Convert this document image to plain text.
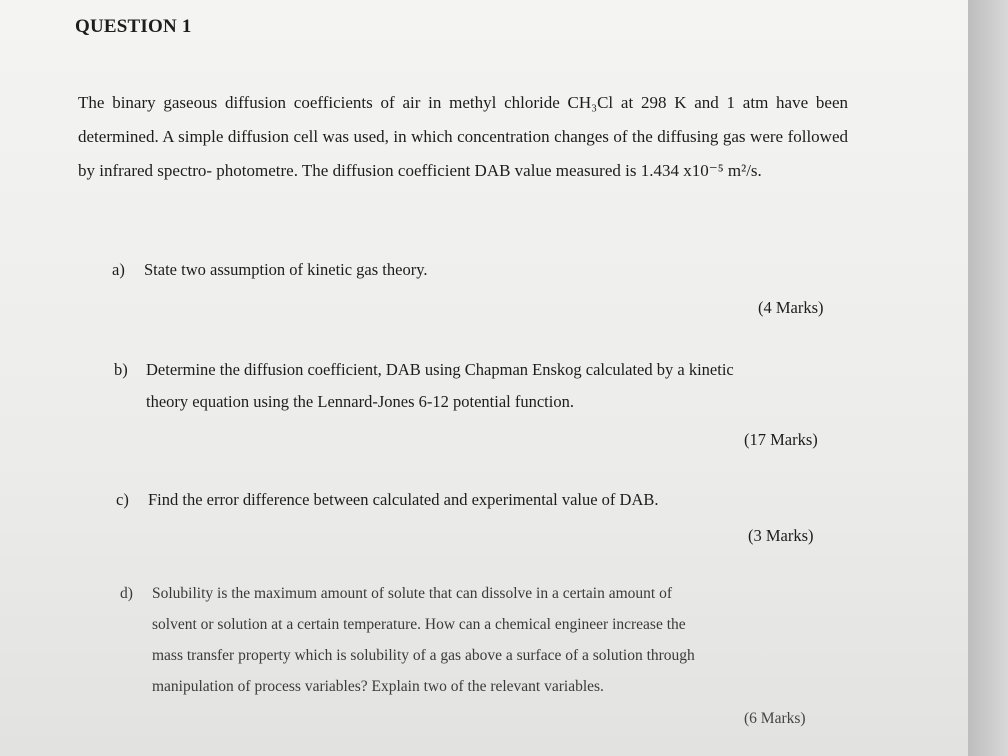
QUESTION 1

The binary gaseous diffusion coefficients of air in methyl chloride CH₃Cl at 298 K and 1 atm have been determined. A simple diffusion cell was used, in which concentration changes of the diffusing gas were followed by infrared spectro- photometre. The diffusion coefficient DAB value measured is 1.434 x10⁻⁵ m²/s.

a) State two assumption of kinetic gas theory.

(4 Marks)

b) Determine the diffusion coefficient, DAB using Chapman Enskog calculated by a kinetic
theory equation using the Lennard-Jones 6-12 potential function.

(17 Marks)

c) Find the error difference between calculated and experimental value of DAB.

(3 Marks)

d) Solubility is the maximum amount of solute that can dissolve in a certain amount of
solvent or solution at a certain temperature. How can a chemical engineer increase the
mass transfer property which is solubility of a gas above a surface of a solution through
manipulation of process variables? Explain two of the relevant variables.

(6 Marks)
